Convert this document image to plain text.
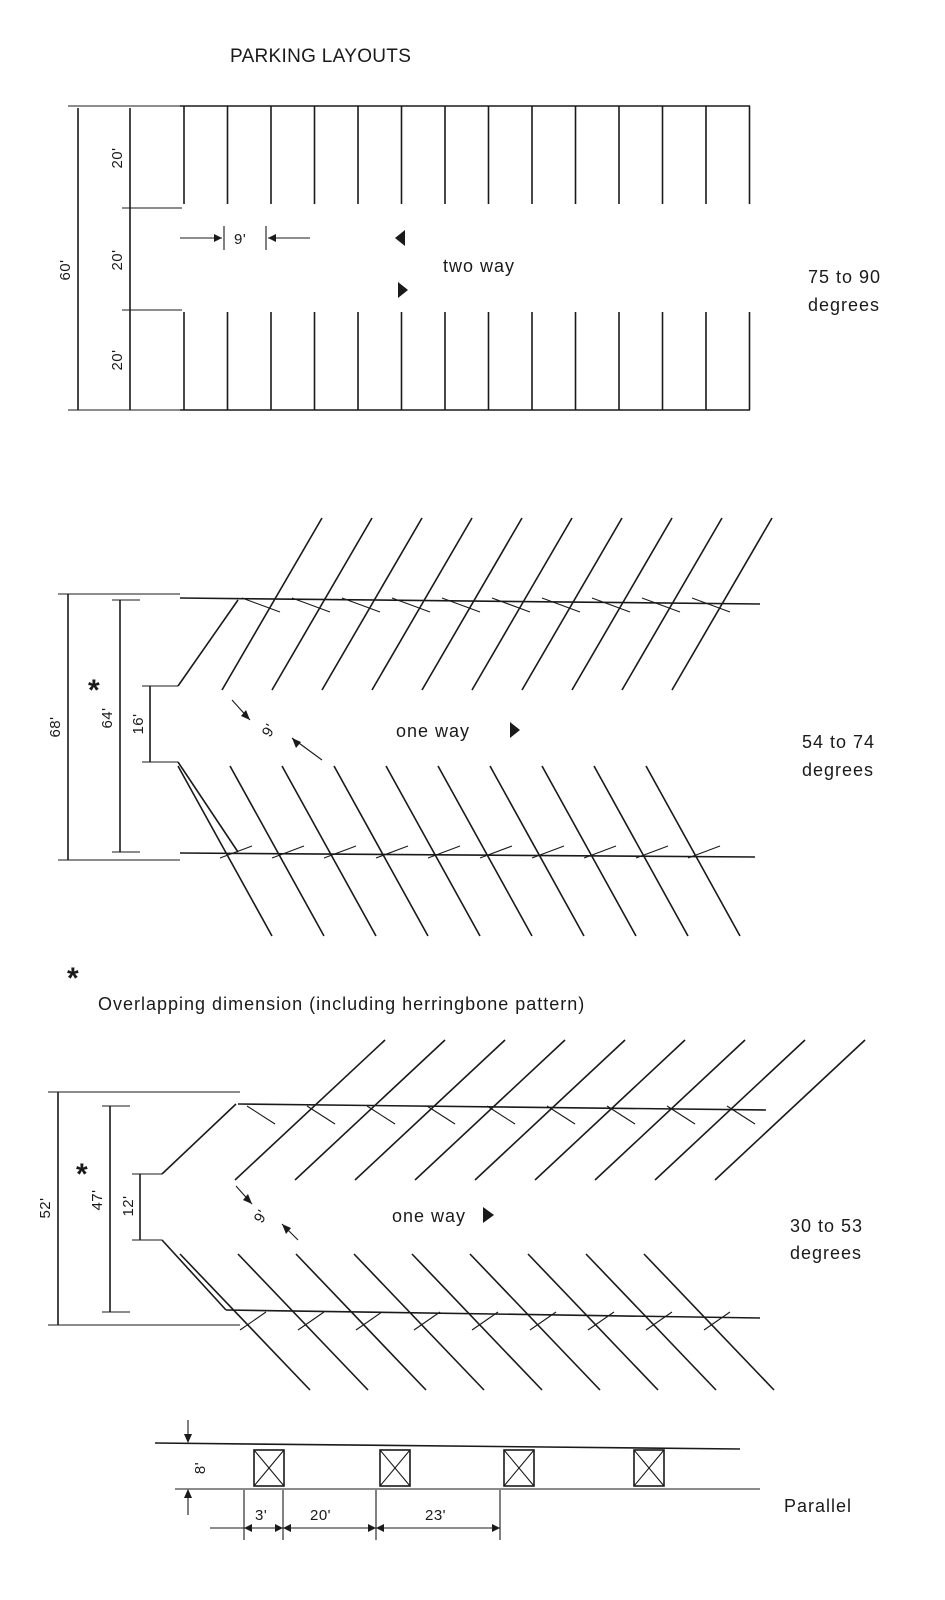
PARKING LAYOUTS
9'
two way
60'
20'
20'
20'
75 to 90
degrees
9'	one way
68' 64'
*
16'
54 to 74
degrees
*
Overlapping dimension (including herringbone pattern)
9'	one way
52' 47'
*
12'
30 to 53
degrees
8'
3'	20'	23'	Parallel
